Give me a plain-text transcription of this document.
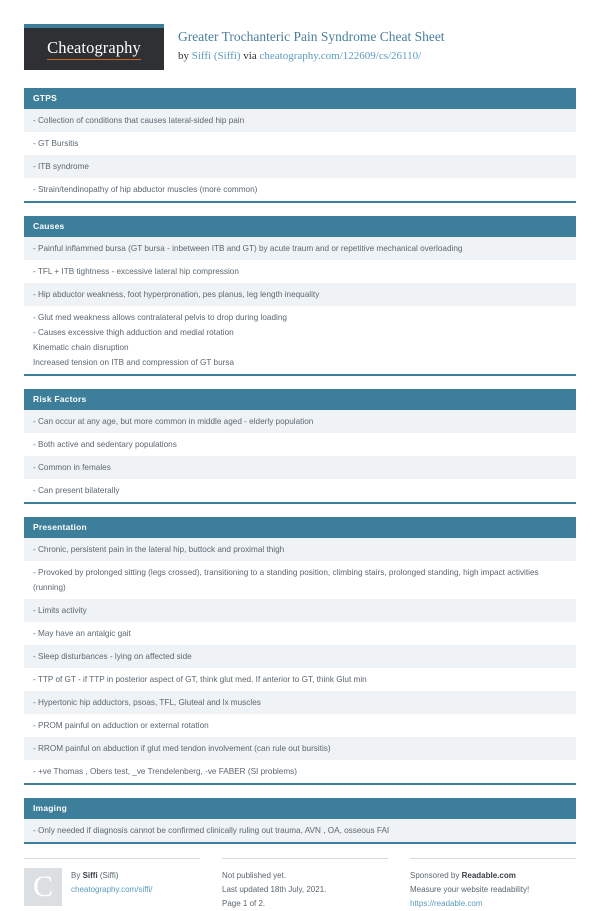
Cheatography
Greater Trochanteric Pain Syndrome Cheat Sheet
by Siffi (Siffi) via cheatography.com/122609/cs/26110/
GTPS
- Collection of conditions that causes lateral-sided hip pain
- GT Bursitis
- ITB syndrome
- Strain/tendinopathy of hip abductor muscles (more common)
Causes
- Painful inflammed bursa (GT bursa - inbetween ITB and GT) by acute traum and or repetitive mechanical overloading
- TFL + ITB tightness - excessive lateral hip compression
- Hip abductor weakness, foot hyperpronation, pes planus, leg length inequality
- Glut med weakness allows contralateral pelvis to drop during loading
- Causes excessive thigh adduction and medial rotation
Kinematic chain disruption
Increased tension on ITB and compression of GT bursa
Risk Factors
- Can occur at any age, but more common in middle aged - elderly population
- Both active and sedentary populations
- Common in females
- Can present bilaterally
Presentation
- Chronic, persistent pain in the lateral hip, buttock and proximal thigh
- Provoked by prolonged sitting (legs crossed), transitioning to a standing position, climbing stairs, prolonged standing, high impact activities (running)
- Limits activity
- May have an antalgic gait
- Sleep disturbances - lying on affected side
- TTP of GT - if TTP in posterior aspect of GT, think glut med. If anterior to GT, think Glut min
- Hypertonic hip adductors, psoas, TFL, Gluteal and lx muscles
- PROM painful on adduction or external rotation
- RROM painful on abduction if glut med tendon involvement (can rule out bursitis)
- +ve Thomas , Obers test, _ve Trendelenberg, -ve FABER (SI problems)
Imaging
- Only needed if diagnosis cannot be confirmed clinically ruling out trauma, AVN , OA, osseous FAI
C	By Siffi (Siffi)
cheatography.com/siffi/
Not published yet.
Last updated 18th July, 2021.
Page 1 of 2.
Sponsored by Readable.com
Measure your website readability!
https://readable.com
